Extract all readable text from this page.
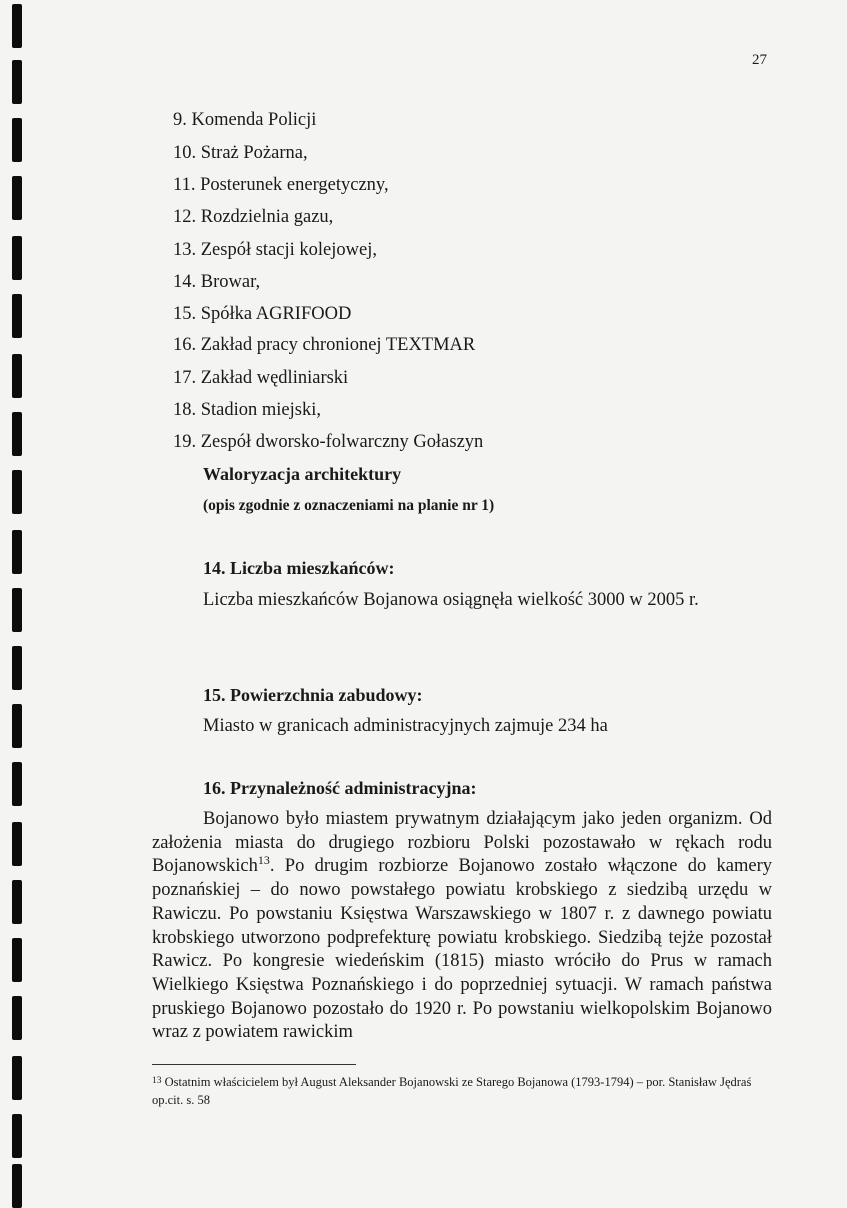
27
9. Komenda Policji
10. Straż Pożarna,
11. Posterunek energetyczny,
12. Rozdzielnia gazu,
13. Zespół stacji kolejowej,
14. Browar,
15. Spółka AGRIFOOD
16. Zakład pracy chronionej TEXTMAR
17. Zakład wędliniarski
18. Stadion miejski,
19. Zespół dworsko-folwarczny Gołaszyn
Waloryzacja architektury
(opis zgodnie z oznaczeniami na planie nr 1)
14. Liczba mieszkańców:
Liczba mieszkańców Bojanowa osiągnęła wielkość 3000 w 2005 r.
15. Powierzchnia zabudowy:
Miasto w granicach administracyjnych zajmuje 234 ha
16. Przynależność administracyjna:
Bojanowo było miastem prywatnym działającym jako jeden organizm. Od założenia miasta do drugiego rozbioru Polski pozostawało w rękach rodu Bojanowskich$^{13}$. Po drugim rozbiorze Bojanowo zostało włączone do kamery poznańskiej – do nowo powstałego powiatu krobskiego z siedzibą urzędu w Rawiczu. Po powstaniu Księstwa Warszawskiego w 1807 r. z dawnego powiatu krobskiego utworzono podprefekturę powiatu krobskiego. Siedzibą tejże pozostał Rawicz. Po kongresie wiedeńskim (1815) miasto wróciło do Prus w ramach Wielkiego Księstwa Poznańskiego i do poprzedniej sytuacji. W ramach państwa pruskiego Bojanowo pozostało do 1920 r. Po powstaniu wielkopolskim Bojanowo wraz z powiatem rawickim
$^{13}$ Ostatnim właścicielem był August Aleksander Bojanowski ze Starego Bojanowa (1793-1794) – por. Stanisław Jędraś op.cit. s. 58
